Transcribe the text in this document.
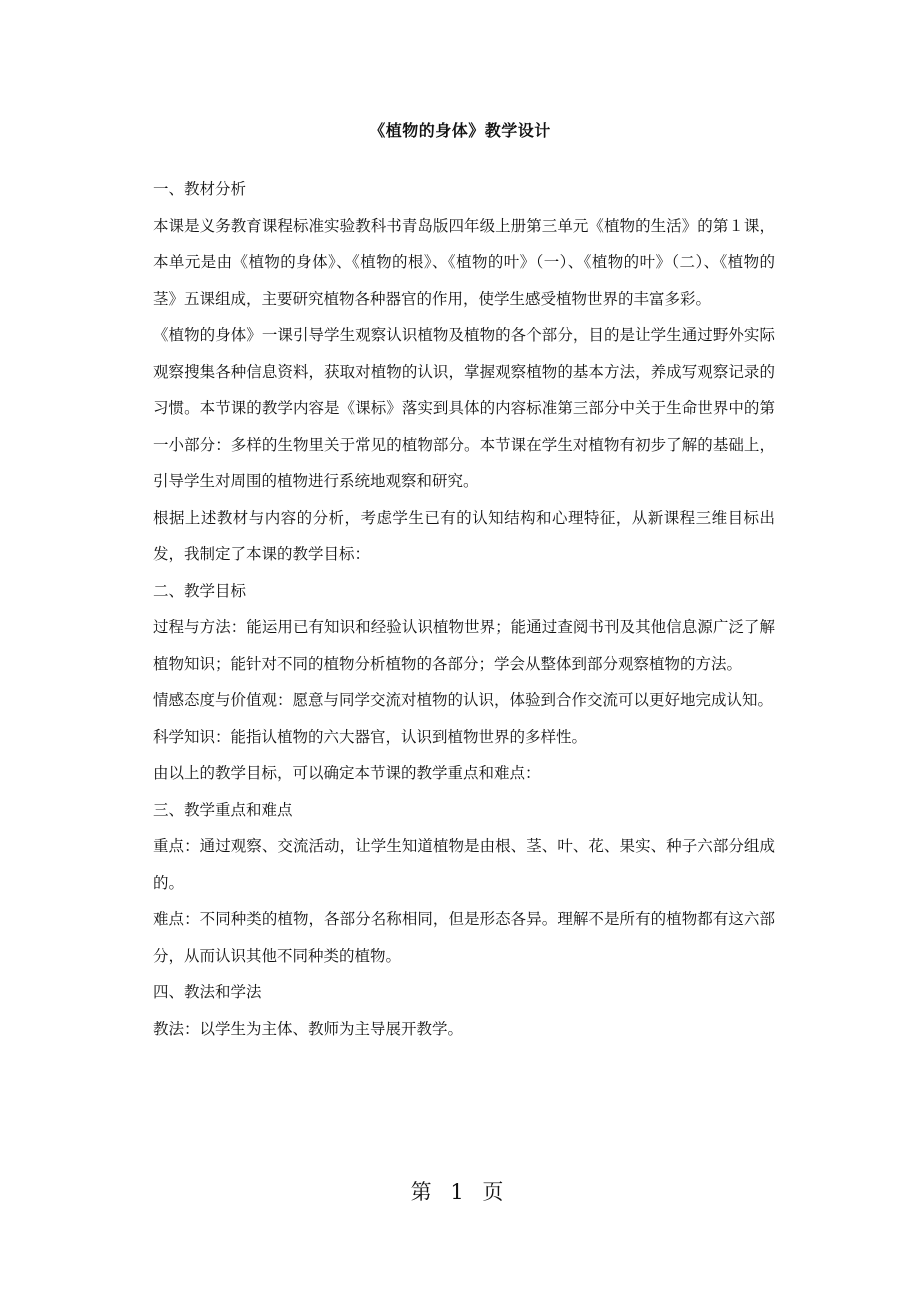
《植物的身体》教学设计

一、教材分析

本课是义务教育课程标准实验教科书青岛版四年级上册第三单元《植物的生活》的第１课，本单元是由《植物的身体》、《植物的根》、《植物的叶》（一）、《植物的叶》（二）、《植物的茎》五课组成，主要研究植物各种器官的作用，使学生感受植物世界的丰富多彩。

《植物的身体》一课引导学生观察认识植物及植物的各个部分，目的是让学生通过野外实际观察搜集各种信息资料，获取对植物的认识，掌握观察植物的基本方法，养成写观察记录的习惯。本节课的教学内容是《课标》落实到具体的内容标准第三部分中关于生命世界中的第一小部分：多样的生物里关于常见的植物部分。本节课在学生对植物有初步了解的基础上，引导学生对周围的植物进行系统地观察和研究。

根据上述教材与内容的分析，考虑学生已有的认知结构和心理特征，从新课程三维目标出发，我制定了本课的教学目标：

二、教学目标

过程与方法：能运用已有知识和经验认识植物世界；能通过查阅书刊及其他信息源广泛了解植物知识；能针对不同的植物分析植物的各部分；学会从整体到部分观察植物的方法。

情感态度与价值观：愿意与同学交流对植物的认识，体验到合作交流可以更好地完成认知。

科学知识：能指认植物的六大器官，认识到植物世界的多样性。

由以上的教学目标，可以确定本节课的教学重点和难点：

三、教学重点和难点

重点：通过观察、交流活动，让学生知道植物是由根、茎、叶、花、果实、种子六部分组成的。

难点：不同种类的植物，各部分名称相同，但是形态各异。理解不是所有的植物都有这六部分，从而认识其他不同种类的植物。

四、教法和学法

教法：以学生为主体、教师为主导展开教学。

第 1 页
